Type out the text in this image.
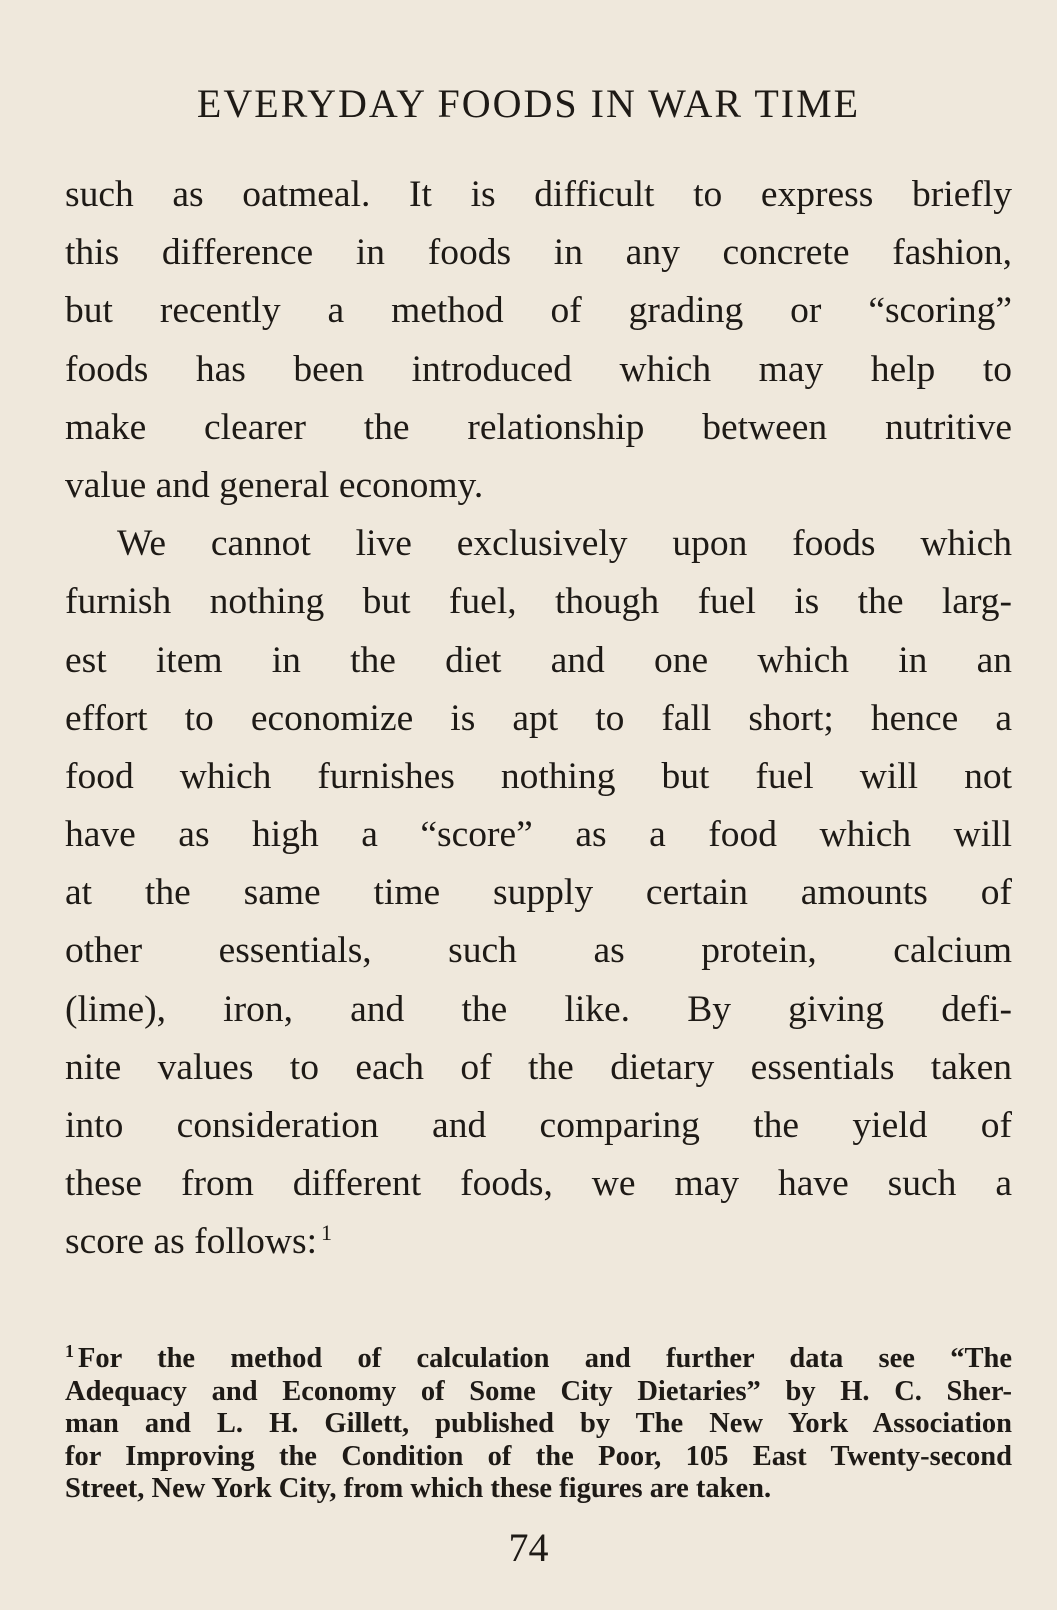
EVERYDAY FOODS IN WAR TIME
such as oatmeal. It is difficult to express briefly
this difference in foods in any concrete fashion,
but recently a method of grading or “scoring”
foods has been introduced which may help to
make clearer the relationship between nutritive
value and general economy.
We cannot live exclusively upon foods which
furnish nothing but fuel, though fuel is the larg-
est item in the diet and one which in an
effort to economize is apt to fall short; hence a
food which furnishes nothing but fuel will not
have as high a “score” as a food which will
at the same time supply certain amounts of
other essentials, such as protein, calcium
(lime), iron, and the like. By giving defi-
nite values to each of the dietary essentials taken
into consideration and comparing the yield of
these from different foods, we may have such a
score as follows: $^1$
$^1$ For the method of calculation and further data see “The
Adequacy and Economy of Some City Dietaries” by H. C. Sher-
man and L. H. Gillett, published by The New York Association
for Improving the Condition of the Poor, 105 East Twenty-second
Street, New York City, from which these figures are taken.
74
